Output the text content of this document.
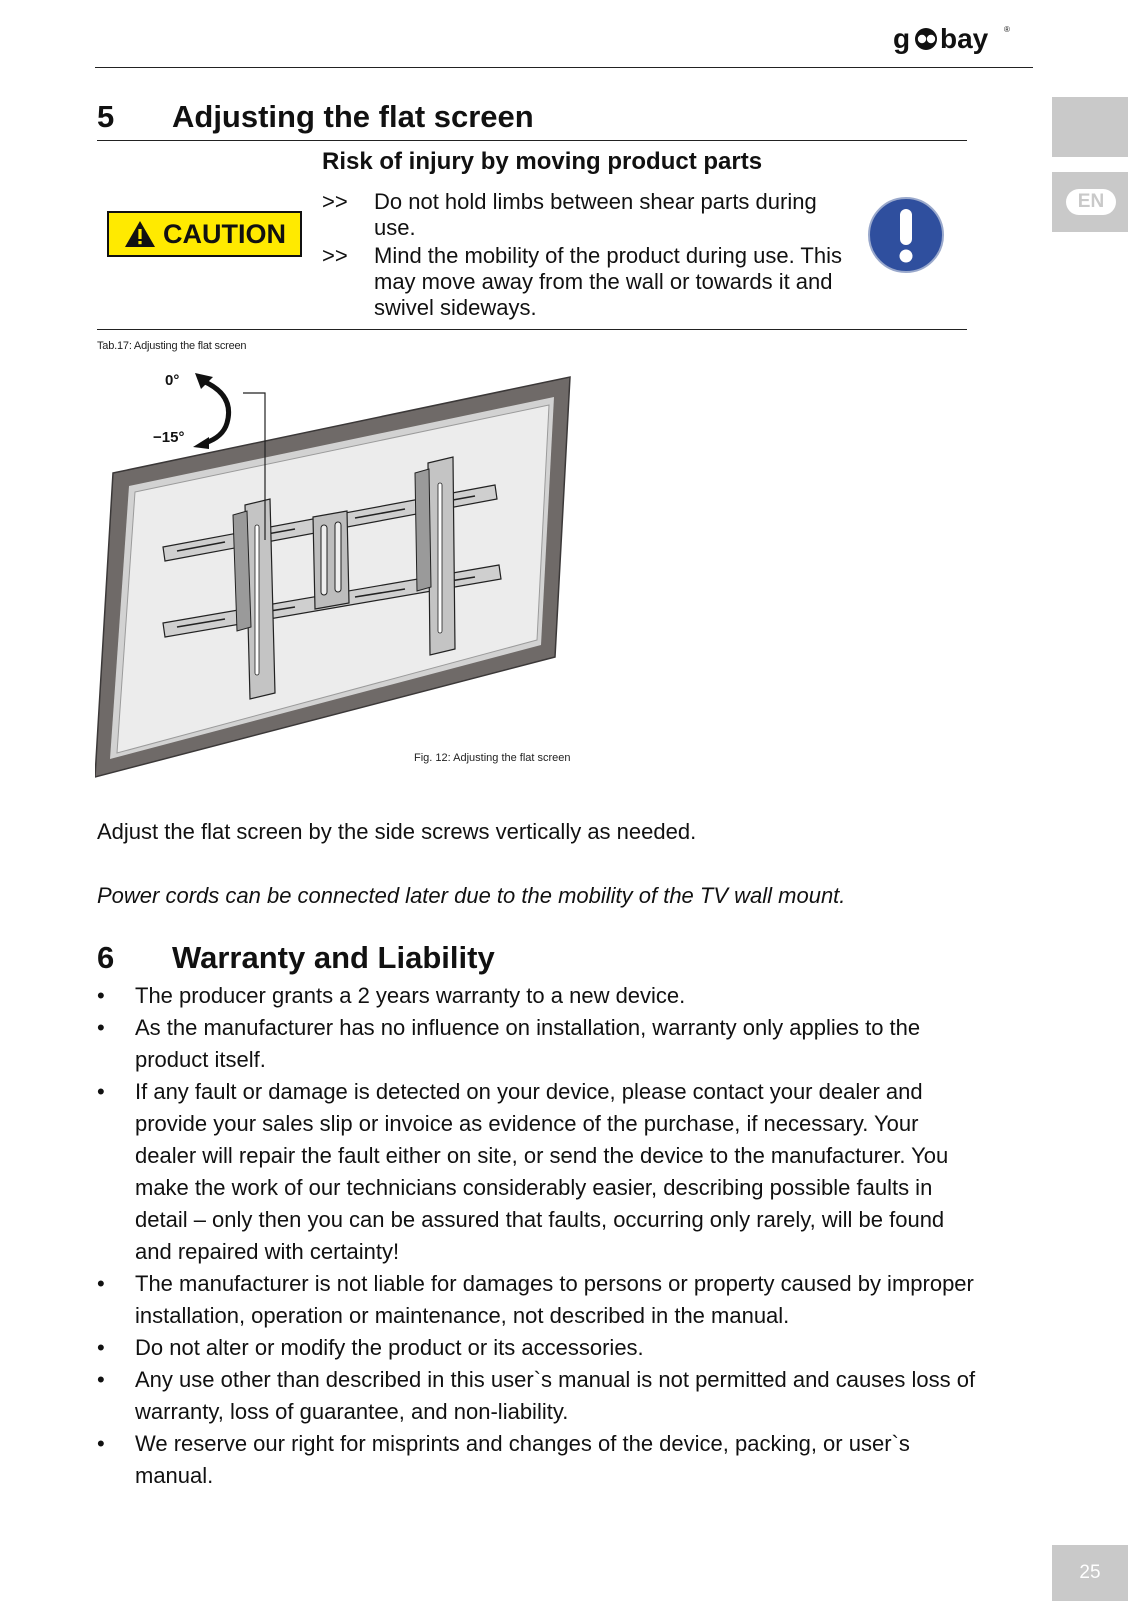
g bay ®
EN
5 Adjusting the flat screen
CAUTION
Risk of injury by moving product parts
>> Do not hold limbs between shear parts during use.
>> Mind the mobility of the product during use. This may move away from the wall or towards it and swivel sideways.
Tab.17: Adjusting the flat screen
0°
−15°
Fig. 12: Adjusting the flat screen
Adjust the flat screen by the side screws vertically as needed.
Power cords can be connected later due to the mobility of the TV wall mount.
6 Warranty and Liability
• The producer grants a 2 years warranty to a new device.
• As the manufacturer has no influence on installation, warranty only applies to the product itself.
• If any fault or damage is detected on your device, please contact your dealer and provide your sales slip or invoice as evidence of the purchase, if necessary. Your dealer will repair the fault either on site, or send the device to the manufacturer. You make the work of our technicians considerably easier, describing possible faults in detail – only then you can be assured that faults, occurring only rarely, will be found and repaired with certainty!
• The manufacturer is not liable for damages to persons or property caused by improper installation, operation or maintenance, not described in the manual.
• Do not alter or modify the product or its accessories.
• Any use other than described in this user`s manual is not permitted and causes loss of warranty, loss of guarantee, and non-liability.
• We reserve our right for misprints and changes of the device, packing, or user`s manual.
25
